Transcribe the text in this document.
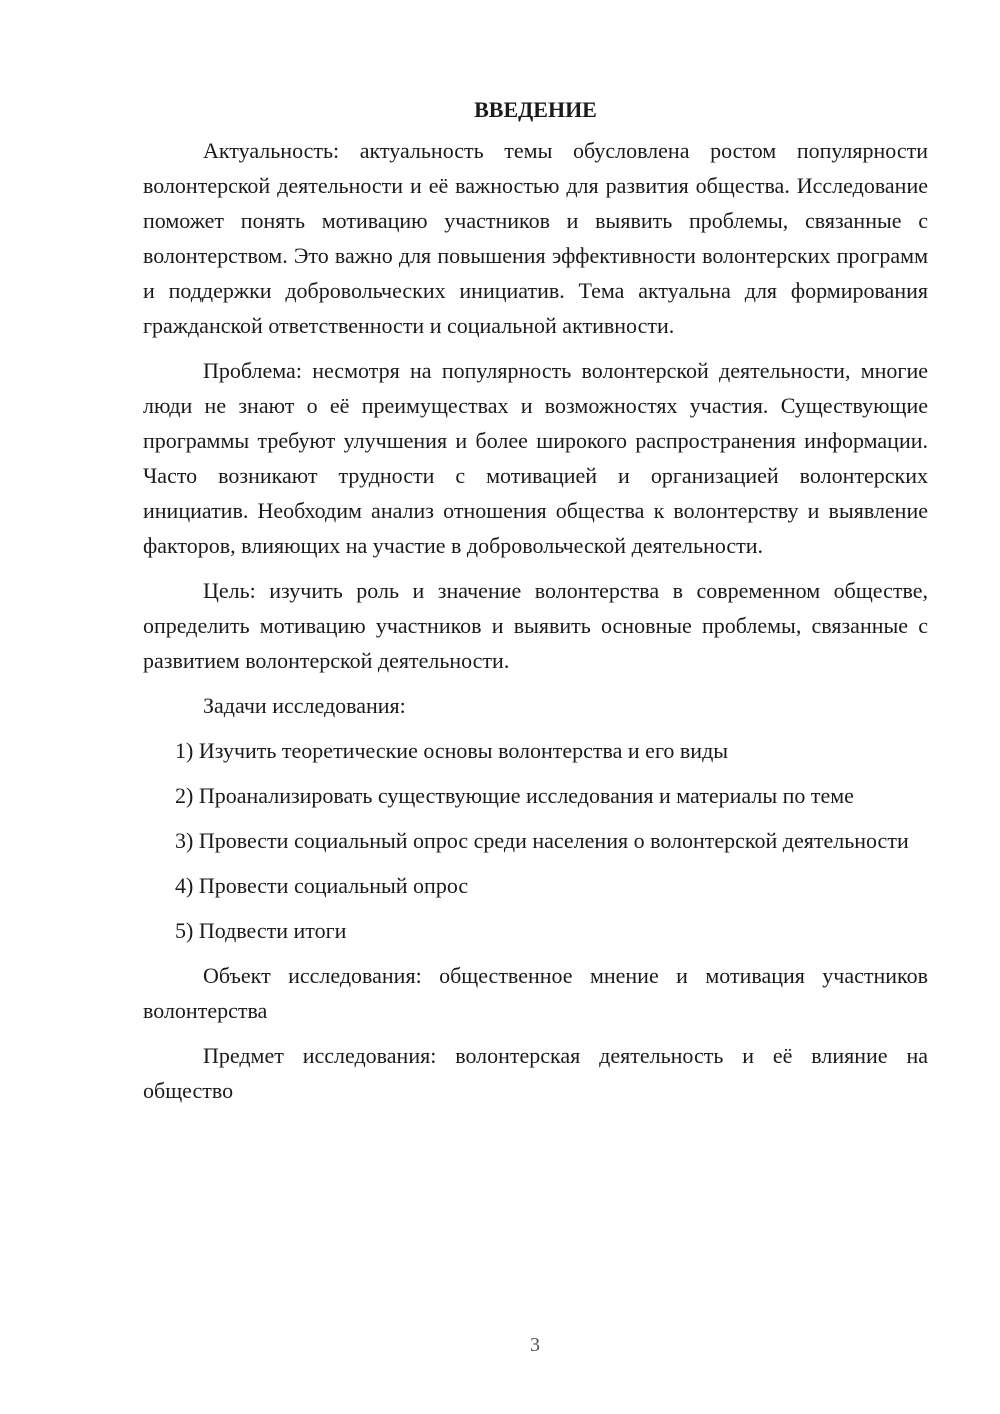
ВВЕДЕНИЕ

Актуальность: актуальность темы обусловлена ростом популярности волонтерской деятельности и её важностью для развития общества. Исследование поможет понять мотивацию участников и выявить проблемы, связанные с волонтерством. Это важно для повышения эффективности волонтерских программ и поддержки добровольческих инициатив. Тема актуальна для формирования гражданской ответственности и социальной активности.

Проблема: несмотря на популярность волонтерской деятельности, многие люди не знают о её преимуществах и возможностях участия. Существующие программы требуют улучшения и более широкого распространения информации. Часто возникают трудности с мотивацией и организацией волонтерских инициатив. Необходим анализ отношения общества к волонтерству и выявление факторов, влияющих на участие в добровольческой деятельности.

Цель: изучить роль и значение волонтерства в современном обществе, определить мотивацию участников и выявить основные проблемы, связанные с развитием волонтерской деятельности.

Задачи исследования:

1) Изучить теоретические основы волонтерства и его виды

2) Проанализировать существующие исследования и материалы по теме

3) Провести социальный опрос среди населения о волонтерской деятельности

4) Провести социальный опрос

5) Подвести итоги

Объект исследования: общественное мнение и мотивация участников волонтерства

Предмет исследования: волонтерская деятельность и её влияние на общество

3
